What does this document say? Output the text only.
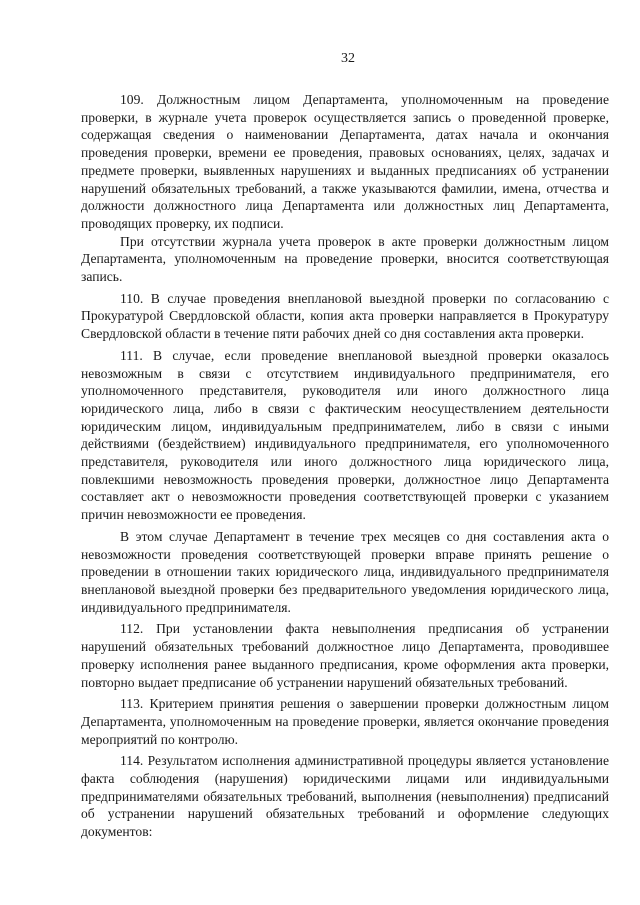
32

109. Должностным лицом Департамента, уполномоченным на проведение проверки, в журнале учета проверок осуществляется запись о проведенной проверке, содержащая сведения о наименовании Департамента, датах начала и окончания проведения проверки, времени ее проведения, правовых основаниях, целях, задачах и предмете проверки, выявленных нарушениях и выданных предписаниях об устранении нарушений обязательных требований, а также указываются фамилии, имена, отчества и должности должностного лица Департамента или должностных лиц Департамента, проводящих проверку, их подписи.

При отсутствии журнала учета проверок в акте проверки должностным лицом Департамента, уполномоченным на проведение проверки, вносится соответствующая запись.

110. В случае проведения внеплановой выездной проверки по согласованию с Прокуратурой Свердловской области, копия акта проверки направляется в Прокуратуру Свердловской области в течение пяти рабочих дней со дня составления акта проверки.

111. В случае, если проведение внеплановой выездной проверки оказалось невозможным в связи с отсутствием индивидуального предпринимателя, его уполномоченного представителя, руководителя или иного должностного лица юридического лица, либо в связи с фактическим неосуществлением деятельности юридическим лицом, индивидуальным предпринимателем, либо в связи с иными действиями (бездействием) индивидуального предпринимателя, его уполномоченного представителя, руководителя или иного должностного лица юридического лица, повлекшими невозможность проведения проверки, должностное лицо Департамента составляет акт о невозможности проведения соответствующей проверки с указанием причин невозможности ее проведения.

В этом случае Департамент в течение трех месяцев со дня составления акта о невозможности проведения соответствующей проверки вправе принять решение о проведении в отношении таких юридического лица, индивидуального предпринимателя внеплановой выездной проверки без предварительного уведомления юридического лица, индивидуального предпринимателя.

112. При установлении факта невыполнения предписания об устранении нарушений обязательных требований должностное лицо Департамента, проводившее проверку исполнения ранее выданного предписания, кроме оформления акта проверки, повторно выдает предписание об устранении нарушений обязательных требований.

113. Критерием принятия решения о завершении проверки должностным лицом Департамента, уполномоченным на проведение проверки, является окончание проведения мероприятий по контролю.

114. Результатом исполнения административной процедуры является установление факта соблюдения (нарушения) юридическими лицами или индивидуальными предпринимателями обязательных требований, выполнения (невыполнения) предписаний об устранении нарушений обязательных требований и оформление следующих документов:
